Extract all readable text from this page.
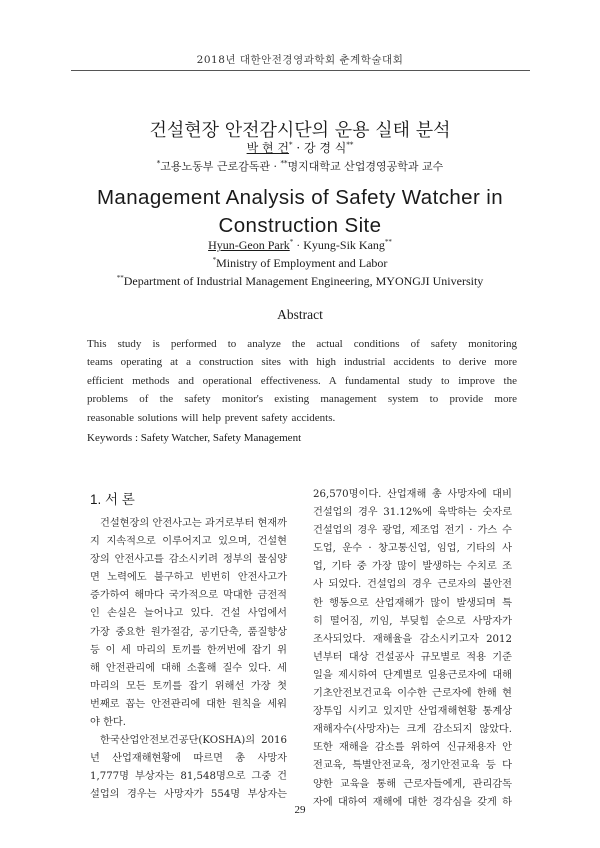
2018년 대한안전경영과학회 춘계학술대회
건설현장 안전감시단의 운용 실태 분석
박 현 건* · 강 경 식**
*고용노동부 근로감독관 · **명지대학교 산업경영공학과 교수
Management Analysis of Safety Watcher in
Construction Site
Hyun-Geon Park* · Kyung-Sik Kang**
*Ministry of Employment and Labor
**Department of Industrial Management Engineering, MYONGJI University
Abstract
This study is performed to analyze the actual conditions of safety monitoring
teams operating at a construction sites with high industrial accidents to derive more
efficient methods and operational effectiveness. A fundamental study to improve the
problems of the safety monitor's existing management system to provide more
reasonable solutions will help prevent safety accidents.
Keywords : Safety Watcher, Safety Management
1. 서 론
건설현장의 안전사고는 과거로부터 현재까
지 지속적으로 이루어지고 있으며, 건설현
장의 안전사고를 감소시키려 정부의 물심양
면 노력에도 불구하고 빈번히 안전사고가
증가하여 해마다 국가적으로 막대한 금전적
인 손실은 늘어나고 있다. 건설 사업에서
가장 중요한 원가절감, 공기단축, 품질향상
등 이 세 마리의 토끼를 한꺼번에 잡기 위
해 안전관리에 대해 소홀해 질수 있다. 세
마리의 모든 토끼를 잡기 위해선 가장 첫
번째로 꼽는 안전관리에 대한 원칙을 세워
야 한다.
한국산업안전보건공단(KOSHA)의 2016
년 산업재해현황에 따르면 총 사망자
1,777명 부상자는 81,548명으로 그중 건
설업의 경우는 사망자가 554명 부상자는
26,570명이다. 산업재해 총 사망자에 대비
건설업의 경우 31.12%에 육박하는 숫자로
건설업의 경우 광업, 제조업 전기 · 가스 수
도업, 운수 · 창고통신업, 임업, 기타의 사
업, 기타 중 가장 많이 발생하는 수치로 조
사 되었다. 건설업의 경우 근로자의 불안전
한 행동으로 산업재해가 많이 발생되며 특
히 떨어짐, 끼임, 부딪힘 순으로 사망자가
조사되었다. 재해율을 감소시키고자 2012
년부터 대상 건설공사 규모별로 적용 기준
일을 제시하여 단계별로 일용근로자에 대해
기초안전보건교육 이수한 근로자에 한해 현
장투입 시키고 있지만 산업재해현황 통계상
재해자수(사망자)는 크게 감소되지 않았다.
또한 재해을 감소를 위하여 신규채용자 안
전교육, 특별안전교육, 정기안전교육 등 다
양한 교육을 통해 근로자들에게, 관리감독
자에 대하여 재해에 대한 경각심을 갖게 하
29
